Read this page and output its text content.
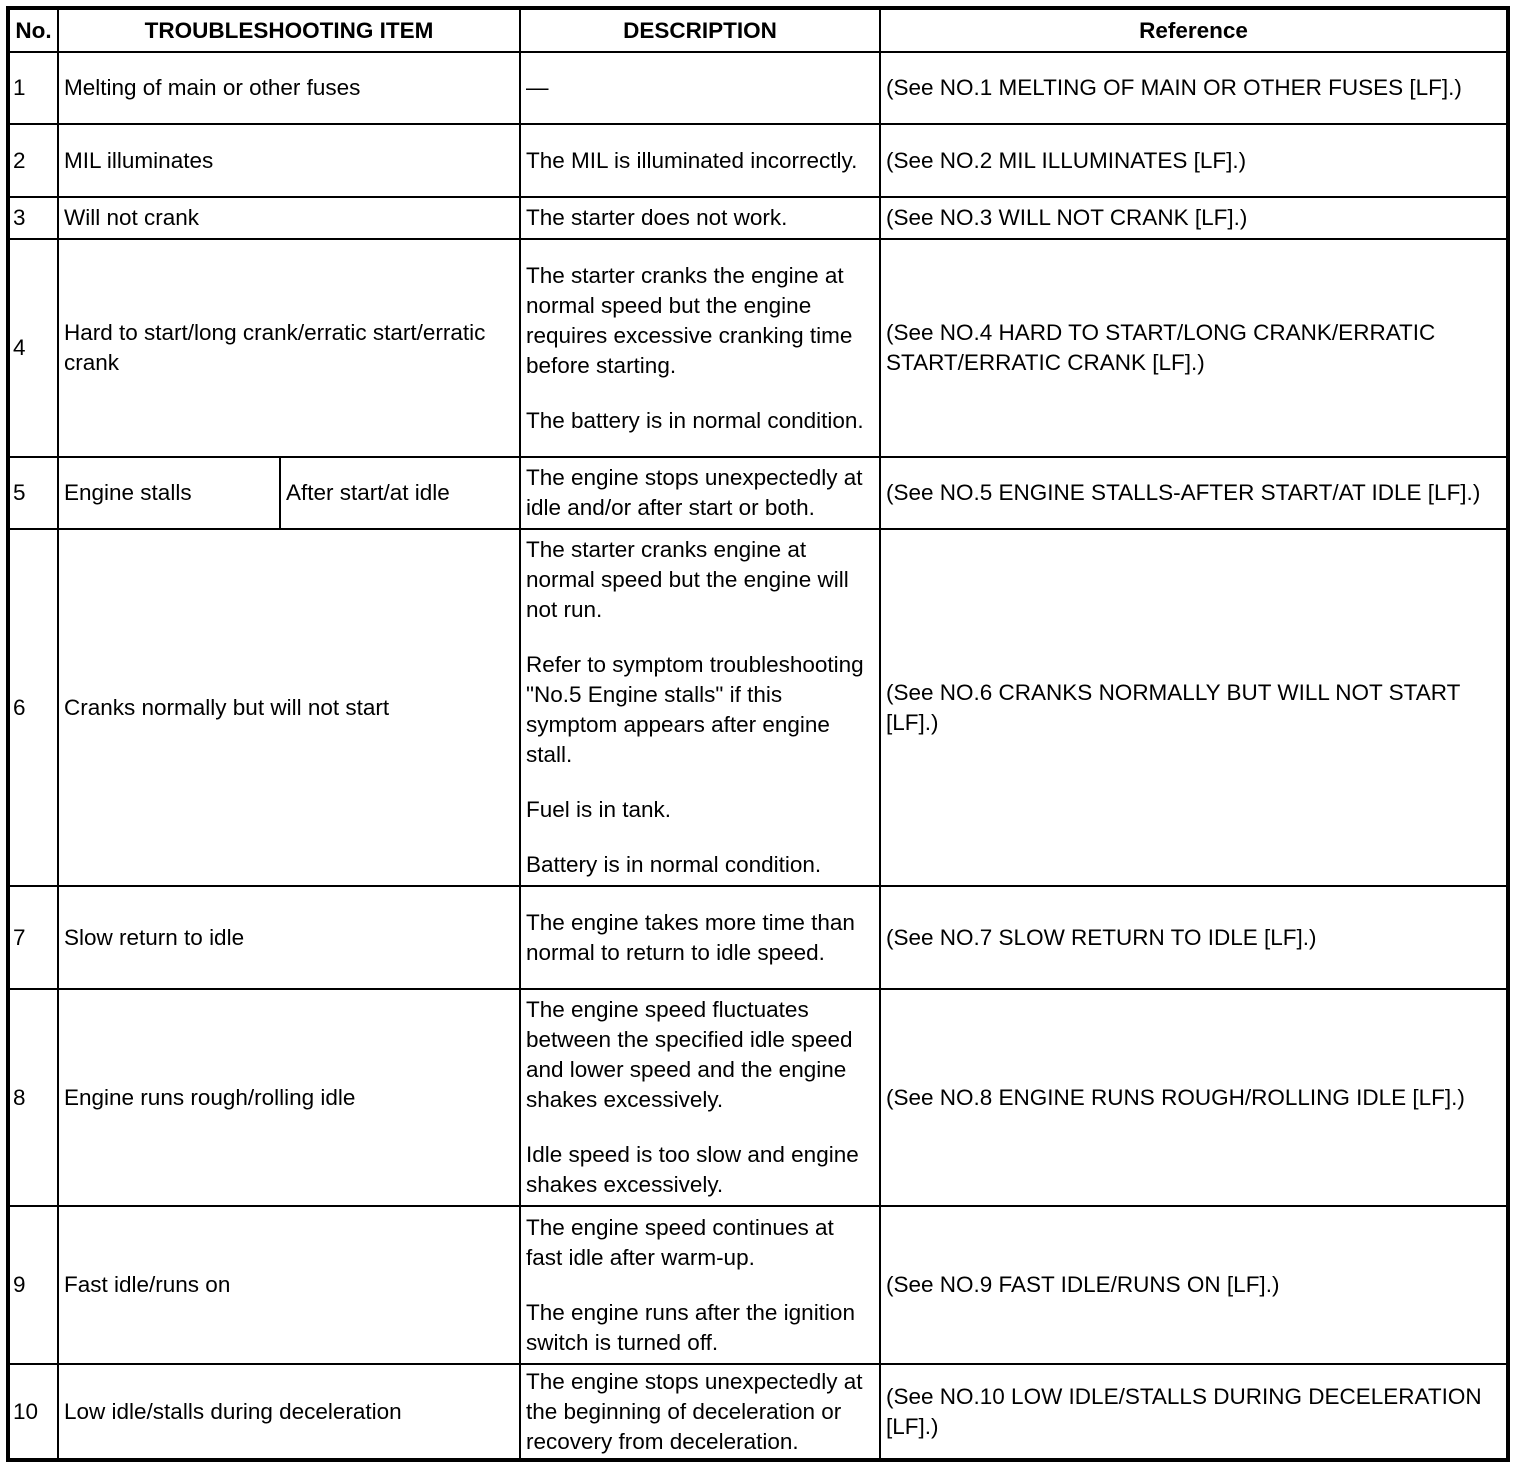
No.	TROUBLESHOOTING ITEM		DESCRIPTION	Reference
1	Melting of main or other fuses		—	(See NO.1 MELTING OF MAIN OR OTHER FUSES [LF].)
2	MIL illuminates		The MIL is illuminated incorrectly.	(See NO.2 MIL ILLUMINATES [LF].)
3	Will not crank		The starter does not work.	(See NO.3 WILL NOT CRANK [LF].)
4	Hard to start/long crank/erratic start/erratic crank		The starter cranks the engine at normal speed but the engine requires excessive cranking time before starting.

The battery is in normal condition.	(See NO.4 HARD TO START/LONG CRANK/ERRATIC START/ERRATIC CRANK [LF].)
5	Engine stalls	After start/at idle	The engine stops unexpectedly at idle and/or after start or both.	(See NO.5 ENGINE STALLS-AFTER START/AT IDLE [LF].)
6	Cranks normally but will not start		The starter cranks engine at normal speed but the engine will not run.

Refer to symptom troubleshooting "No.5 Engine stalls" if this symptom appears after engine stall.

Fuel is in tank.

Battery is in normal condition.	(See NO.6 CRANKS NORMALLY BUT WILL NOT START [LF].)
7	Slow return to idle		The engine takes more time than normal to return to idle speed.	(See NO.7 SLOW RETURN TO IDLE [LF].)
8	Engine runs rough/rolling idle		The engine speed fluctuates between the specified idle speed and lower speed and the engine shakes excessively.

Idle speed is too slow and engine shakes excessively.	(See NO.8 ENGINE RUNS ROUGH/ROLLING IDLE [LF].)
9	Fast idle/runs on		The engine speed continues at fast idle after warm-up.

The engine runs after the ignition switch is turned off.	(See NO.9 FAST IDLE/RUNS ON [LF].)
10	Low idle/stalls during deceleration		The engine stops unexpectedly at the beginning of deceleration or recovery from deceleration.	(See NO.10 LOW IDLE/STALLS DURING DECELERATION [LF].)
